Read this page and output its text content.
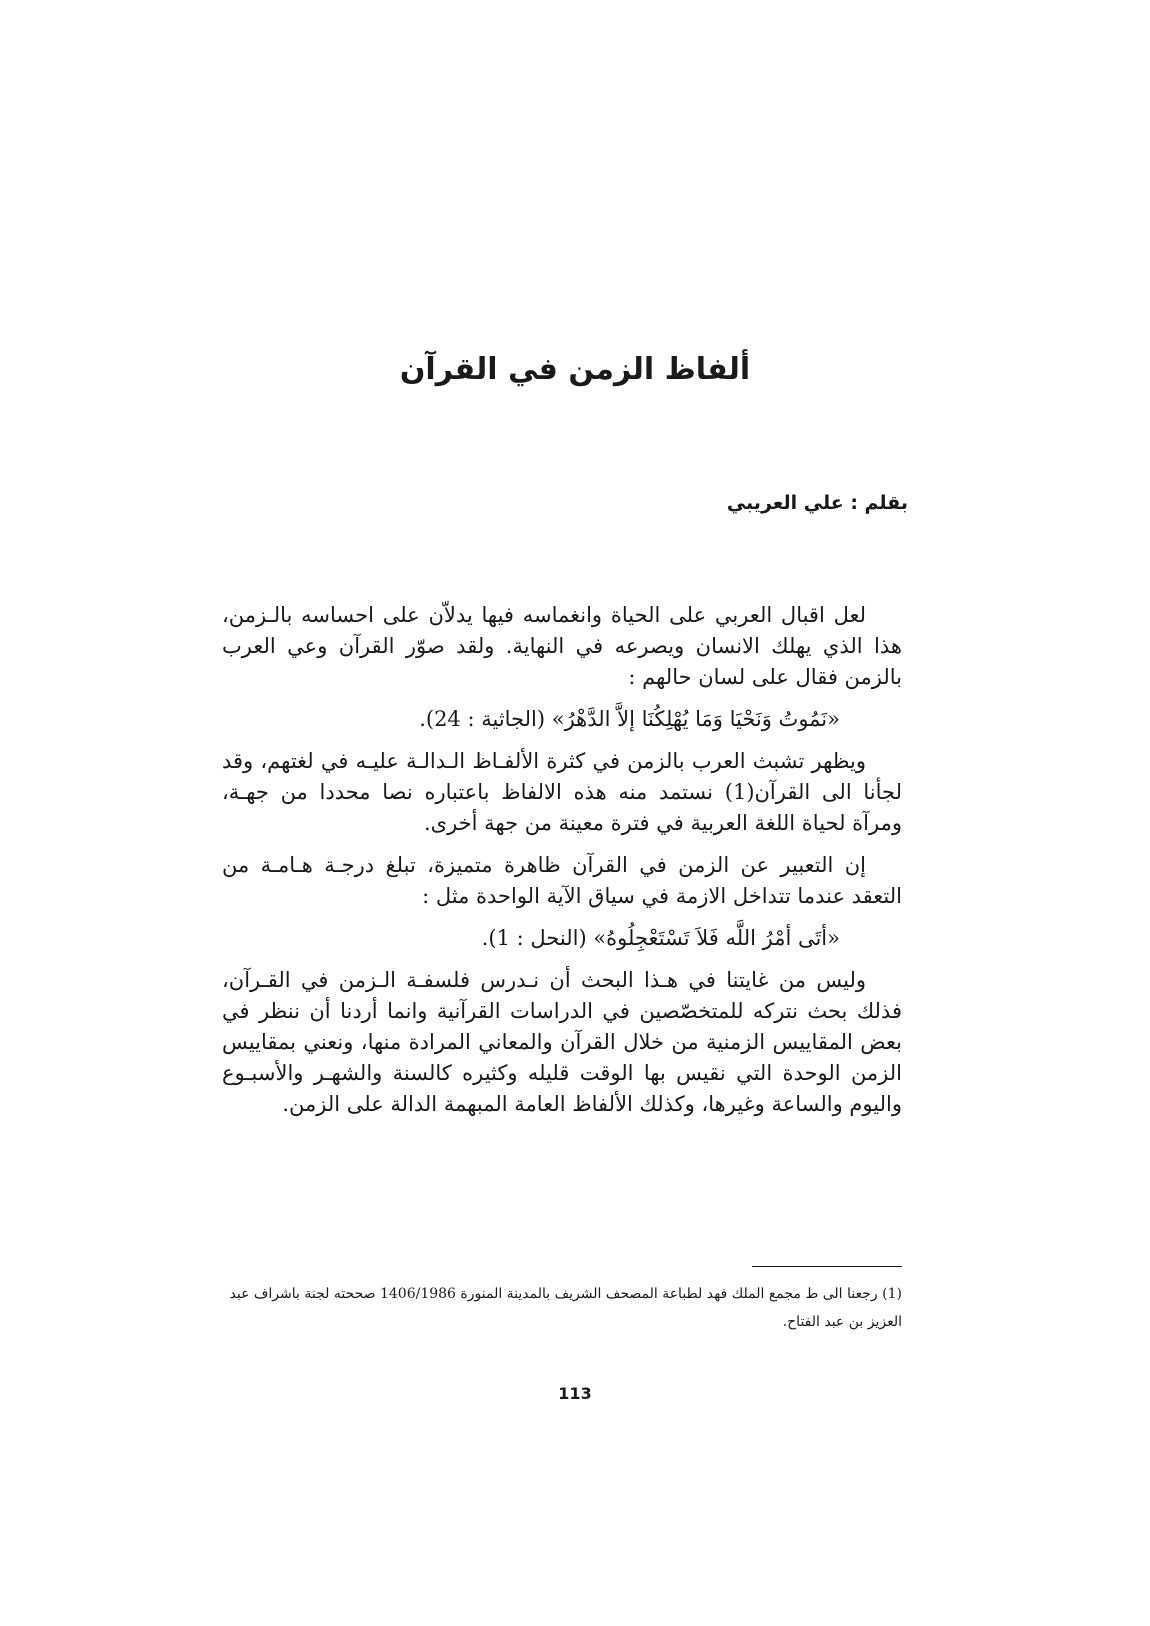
ألفاظ الزمن في القرآن
بقلم : علي العريبي

لعل اقبال العربي على الحياة وانغماسه فيها يدلاّن على احساسه بالـزمن، هذا الذي يهلك الانسان ويصرعه في النهاية. ولقد صوّر القرآن وعي العرب بالزمن فقال على لسان حالهم :

«نَمُوتُ وَنَحْيَا وَمَا يُهْلِكُنَا إلاَّ الدَّهْرُ» (الجاثية : 24).

ويظهر تشبث العرب بالزمن في كثرة الألفـاظ الـدالـة عليـه في لغتهم، وقد لجأنا الى القرآن(1) نستمد منه هذه الالفاظ باعتباره نصا محددا من جهـة، ومرآة لحياة اللغة العربية في فترة معينة من جهة أخرى.

إن التعبير عن الزمن في القرآن ظاهرة متميزة، تبلغ درجـة هـامـة من التعقد عندما تتداخل الازمة في سياق الآية الواحدة مثل :

«أتَى أمْرُ اللَّه فَلاَ تَسْتَعْجِلُوهُ» (النحل : 1).

وليس من غايتنا في هـذا البحث أن نـدرس فلسفـة الـزمن في القـرآن، فذلك بحث نتركه للمتخصّصين في الدراسات القرآنية وانما أردنا أن ننظر في بعض المقاييس الزمنية من خلال القرآن والمعاني المرادة منها، ونعني بمقاييس الزمن الوحدة التي نقيس بها الوقت قليله وكثيره كالسنة والشهـر والأسبـوع واليوم والساعة وغيرها، وكذلك الألفاظ العامة المبهمة الدالة على الزمن.

(1) رجعنا الى ط مجمع الملك فهد لطباعة المصحف الشريف بالمدينة المنورة 1406/1986 صححته لجنة باشراف عبد العزيز بن عبد الفتاح.
113
